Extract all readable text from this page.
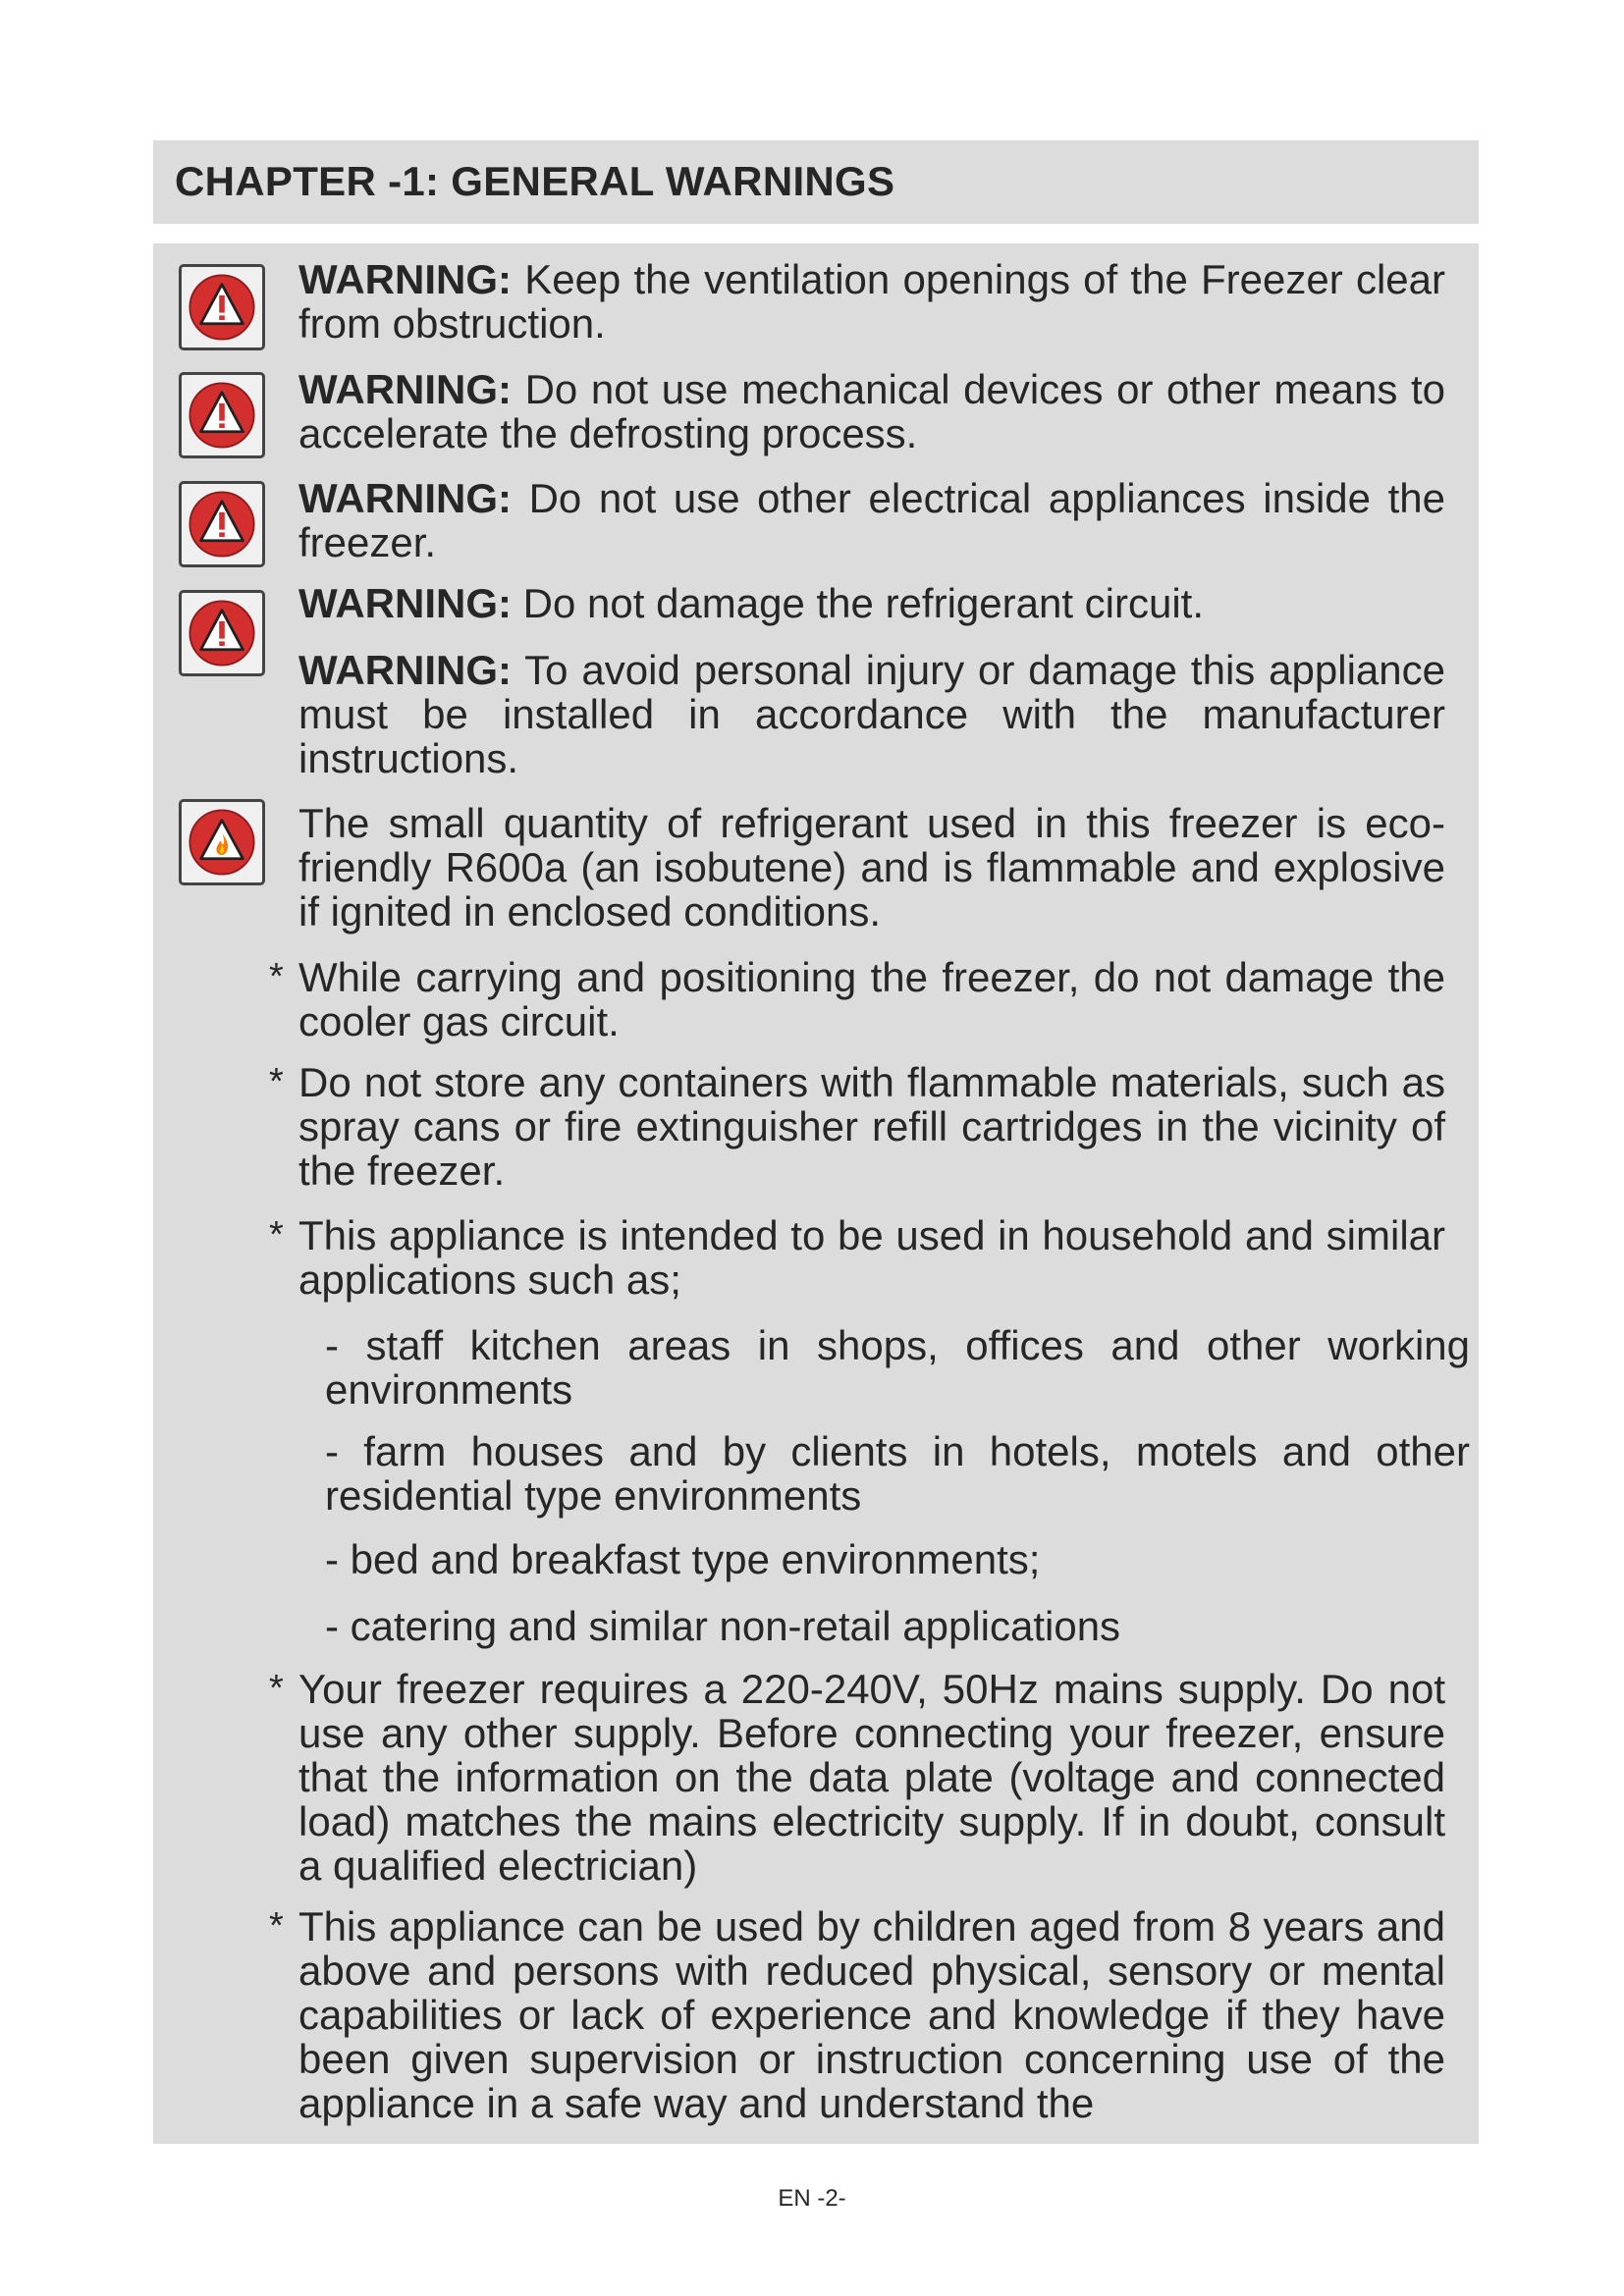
CHAPTER -1: GENERAL WARNINGS
WARNING: Keep the ventilation openings of the Freezer clear from obstruction.
WARNING: Do not use mechanical devices or other means to accelerate the defrosting process.
WARNING: Do not use other electrical appliances inside the freezer.
WARNING: Do not damage the refrigerant circuit.
WARNING: To avoid personal injury or damage this appliance must be installed in accordance with the manufacturer instructions.
The small quantity of refrigerant used in this freezer is eco- friendly R600a (an isobutene) and is flammable and explosive if ignited in enclosed conditions.
* While carrying and positioning the freezer, do not damage the cooler gas circuit.
* Do not store any containers with flammable materials, such as spray cans or fire extinguisher refill cartridges in the vicinity of the freezer.
* This appliance is intended to be used in household and similar applications such as;
- staff kitchen areas in shops, offices and other working environments
- farm houses and by clients in hotels, motels and other residential type environments
- bed and breakfast type environments;
- catering and similar non-retail applications
* Your freezer requires a 220-240V, 50Hz mains supply. Do not use any other supply. Before connecting your freezer, ensure that the information on the data plate (voltage and connected load) matches the mains electricity supply. If in doubt, consult a qualified electrician)
* This appliance can be used by children aged from 8 years and above and persons with reduced physical, sensory or mental capabilities or lack of experience and knowledge if they have been given supervision or instruction concerning use of the appliance in a safe way and understand the
EN -2-
